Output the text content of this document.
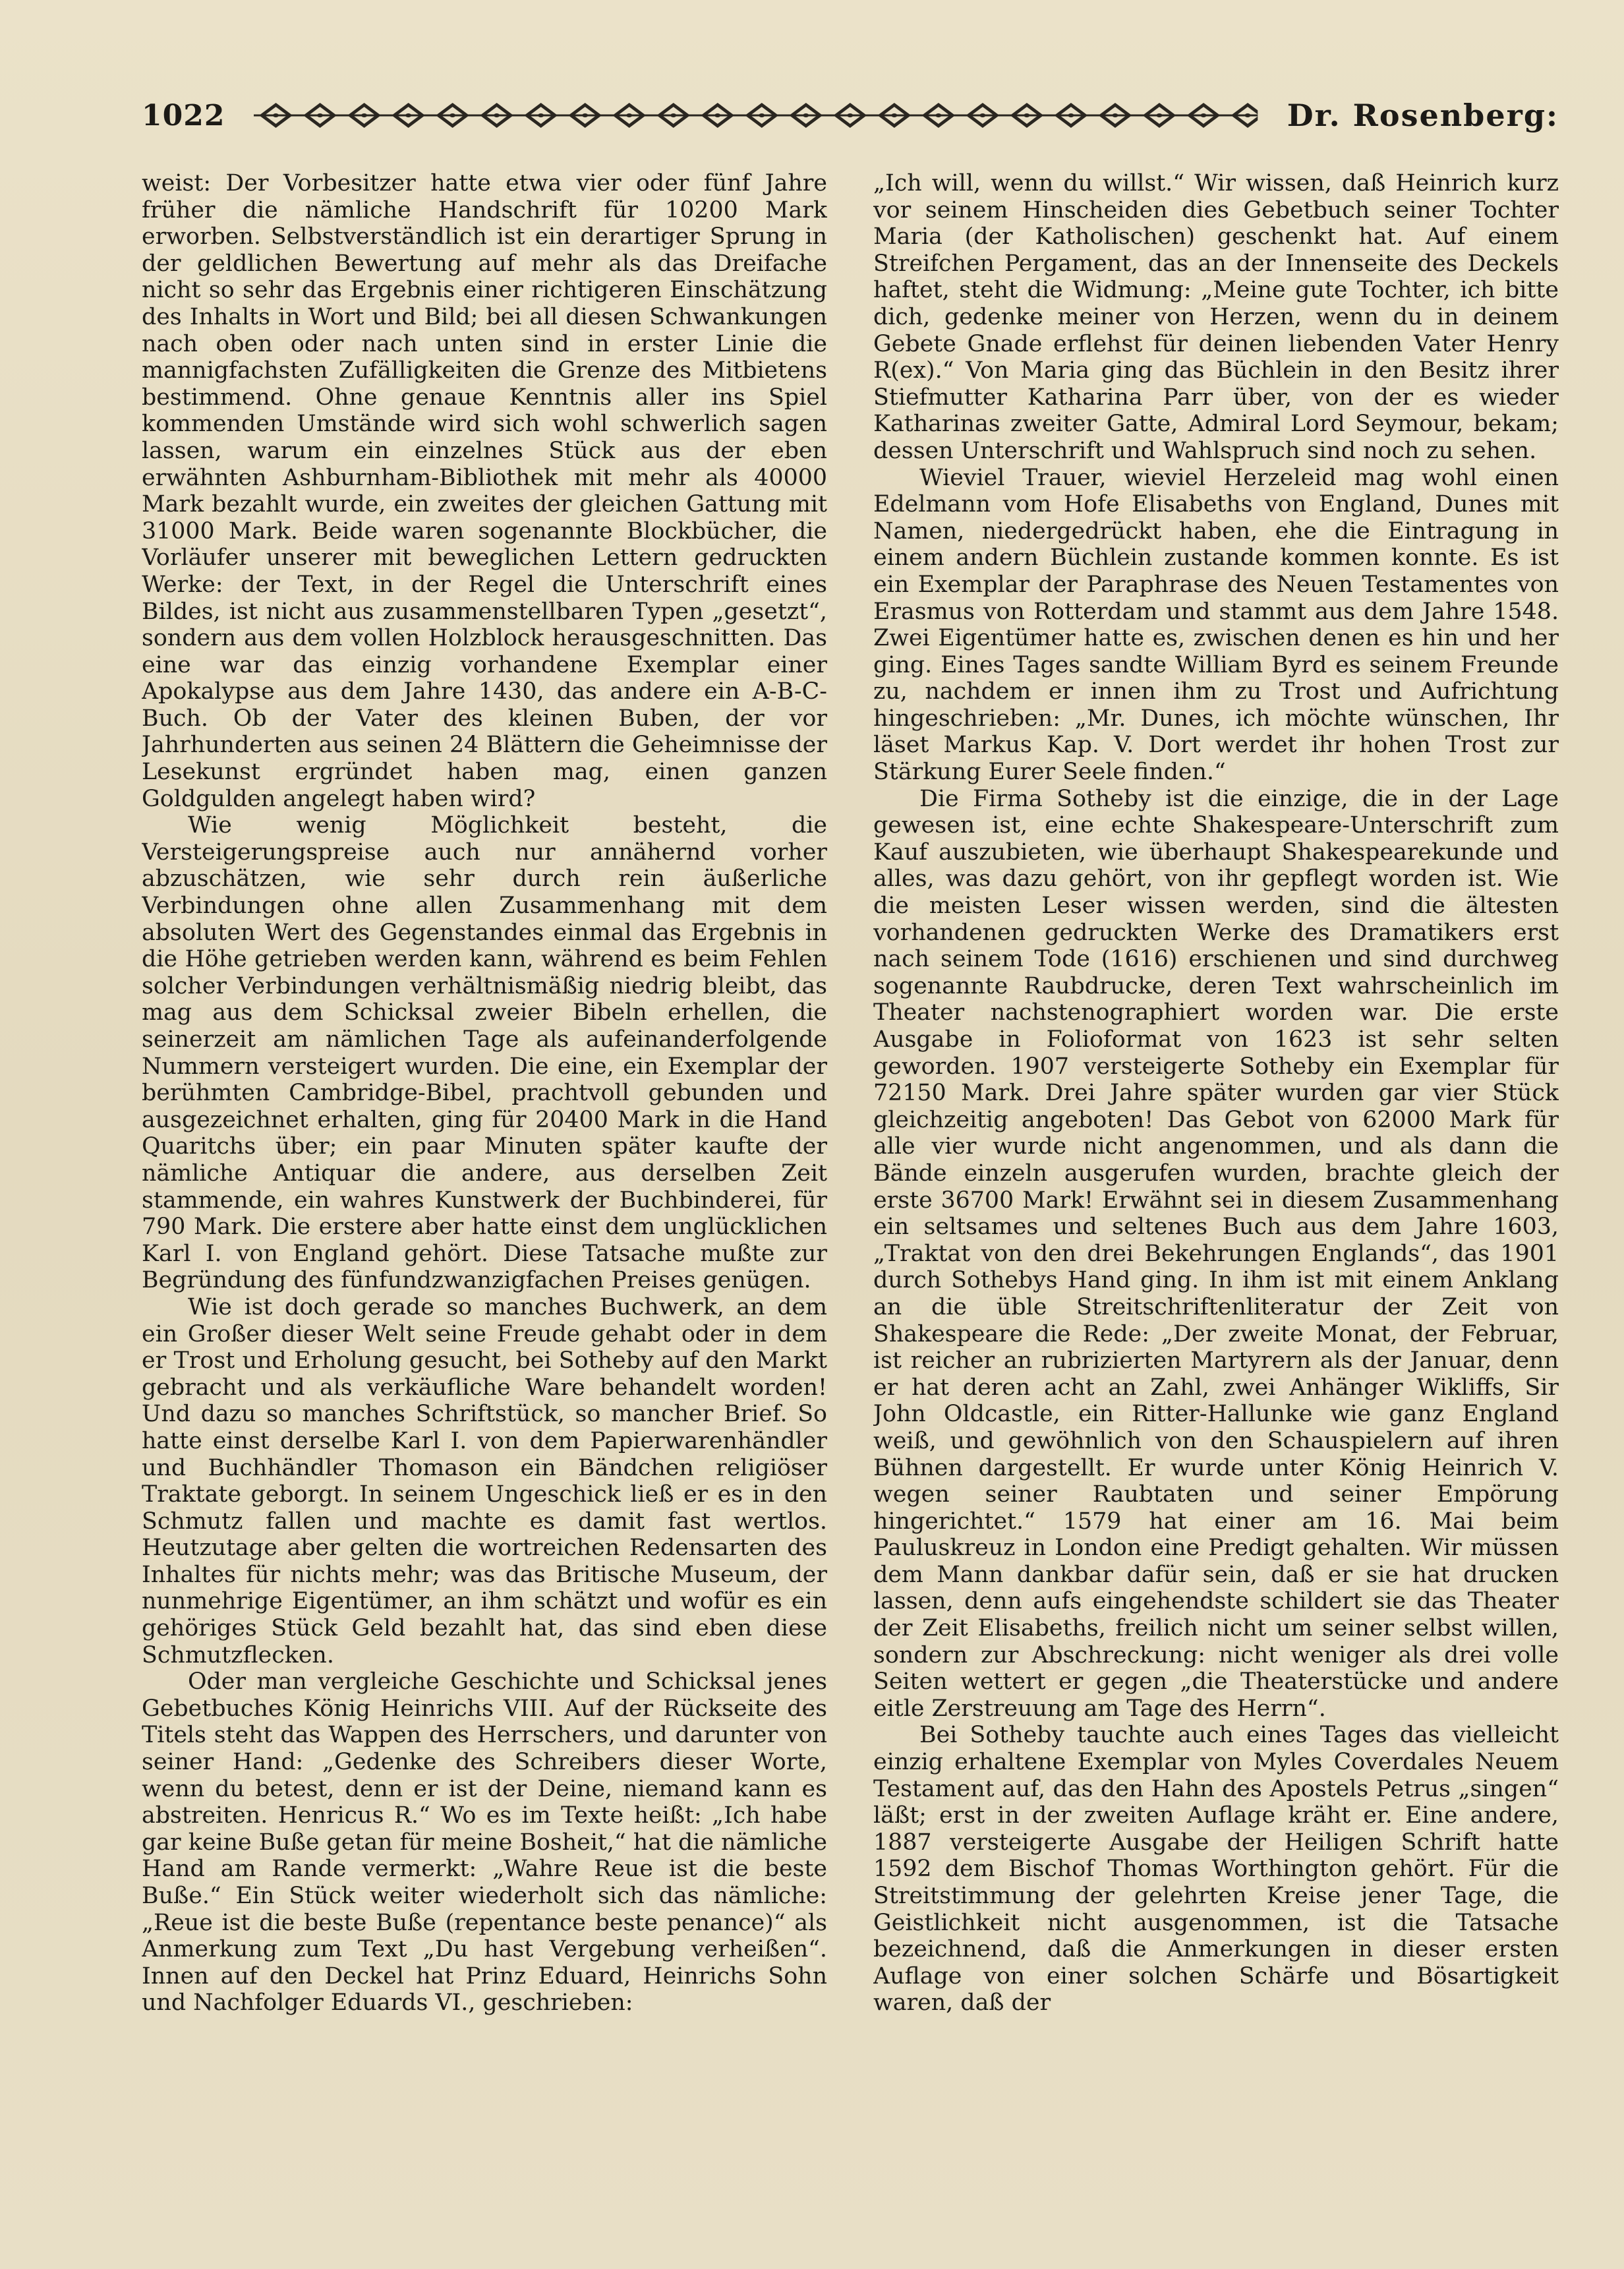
1022	Dr. Rosenberg:

weist: Der Vorbesitzer hatte etwa vier oder fünf Jahre früher die nämliche Handschrift für 10200 Mark erworben. Selbstverständlich ist ein derartiger Sprung in der geldlichen Bewertung auf mehr als das Dreifache nicht so sehr das Ergebnis einer richtigeren Einschätzung des Inhalts in Wort und Bild; bei all diesen Schwankungen nach oben oder nach unten sind in erster Linie die mannigfachsten Zufälligkeiten die Grenze des Mitbietens bestimmend. Ohne genaue Kenntnis aller ins Spiel kommenden Umstände wird sich wohl schwerlich sagen lassen, warum ein einzelnes Stück aus der eben erwähnten Ashburnham-Bibliothek mit mehr als 40000 Mark bezahlt wurde, ein zweites der gleichen Gattung mit 31000 Mark. Beide waren sogenannte Blockbücher, die Vorläufer unserer mit beweglichen Lettern gedruckten Werke: der Text, in der Regel die Unterschrift eines Bildes, ist nicht aus zusammenstellbaren Typen „gesetzt“, sondern aus dem vollen Holzblock herausgeschnitten. Das eine war das einzig vorhandene Exemplar einer Apokalypse aus dem Jahre 1430, das andere ein A-B-C-Buch. Ob der Vater des kleinen Buben, der vor Jahrhunderten aus seinen 24 Blättern die Geheimnisse der Lesekunst ergründet haben mag, einen ganzen Goldgulden angelegt haben wird?

Wie wenig Möglichkeit besteht, die Versteigerungspreise auch nur annähernd vorher abzuschätzen, wie sehr durch rein äußerliche Verbindungen ohne allen Zusammenhang mit dem absoluten Wert des Gegenstandes einmal das Ergebnis in die Höhe getrieben werden kann, während es beim Fehlen solcher Verbindungen verhältnismäßig niedrig bleibt, das mag aus dem Schicksal zweier Bibeln erhellen, die seinerzeit am nämlichen Tage als aufeinanderfolgende Nummern versteigert wurden. Die eine, ein Exemplar der berühmten Cambridge-Bibel, prachtvoll gebunden und ausgezeichnet erhalten, ging für 20400 Mark in die Hand Quaritchs über; ein paar Minuten später kaufte der nämliche Antiquar die andere, aus derselben Zeit stammende, ein wahres Kunstwerk der Buchbinderei, für 790 Mark. Die erstere aber hatte einst dem unglücklichen Karl I. von England gehört. Diese Tatsache mußte zur Begründung des fünfundzwanzigfachen Preises genügen.

Wie ist doch gerade so manches Buchwerk, an dem ein Großer dieser Welt seine Freude gehabt oder in dem er Trost und Erholung gesucht, bei Sotheby auf den Markt gebracht und als verkäufliche Ware behandelt worden! Und dazu so manches Schriftstück, so mancher Brief. So hatte einst derselbe Karl I. von dem Papierwarenhändler und Buchhändler Thomason ein Bändchen religiöser Traktate geborgt. In seinem Ungeschick ließ er es in den Schmutz fallen und machte es damit fast wertlos. Heutzutage aber gelten die wortreichen Redensarten des Inhaltes für nichts mehr; was das Britische Museum, der nunmehrige Eigentümer, an ihm schätzt und wofür es ein gehöriges Stück Geld bezahlt hat, das sind eben diese Schmutzflecken.

Oder man vergleiche Geschichte und Schicksal jenes Gebetbuches König Heinrichs VIII. Auf der Rückseite des Titels steht das Wappen des Herrschers, und darunter von seiner Hand: „Gedenke des Schreibers dieser Worte, wenn du betest, denn er ist der Deine, niemand kann es abstreiten. Henricus R.“ Wo es im Texte heißt: „Ich habe gar keine Buße getan für meine Bosheit,“ hat die nämliche Hand am Rande vermerkt: „Wahre Reue ist die beste Buße.“ Ein Stück weiter wiederholt sich das nämliche: „Reue ist die beste Buße (repentance beste penance)“ als Anmerkung zum Text „Du hast Vergebung verheißen“. Innen auf den Deckel hat Prinz Eduard, Heinrichs Sohn und Nachfolger Eduards VI., geschrieben:

„Ich will, wenn du willst.“ Wir wissen, daß Heinrich kurz vor seinem Hinscheiden dies Gebetbuch seiner Tochter Maria (der Katholischen) geschenkt hat. Auf einem Streifchen Pergament, das an der Innenseite des Deckels haftet, steht die Widmung: „Meine gute Tochter, ich bitte dich, gedenke meiner von Herzen, wenn du in deinem Gebete Gnade erflehst für deinen liebenden Vater Henry R(ex).“ Von Maria ging das Büchlein in den Besitz ihrer Stiefmutter Katharina Parr über, von der es wieder Katharinas zweiter Gatte, Admiral Lord Seymour, bekam; dessen Unterschrift und Wahlspruch sind noch zu sehen.

Wieviel Trauer, wieviel Herzeleid mag wohl einen Edelmann vom Hofe Elisabeths von England, Dunes mit Namen, niedergedrückt haben, ehe die Eintragung in einem andern Büchlein zustande kommen konnte. Es ist ein Exemplar der Paraphrase des Neuen Testamentes von Erasmus von Rotterdam und stammt aus dem Jahre 1548. Zwei Eigentümer hatte es, zwischen denen es hin und her ging. Eines Tages sandte William Byrd es seinem Freunde zu, nachdem er innen ihm zu Trost und Aufrichtung hingeschrieben: „Mr. Dunes, ich möchte wünschen, Ihr läset Markus Kap. V. Dort werdet ihr hohen Trost zur Stärkung Eurer Seele finden.“

Die Firma Sotheby ist die einzige, die in der Lage gewesen ist, eine echte Shakespeare-Unterschrift zum Kauf auszubieten, wie überhaupt Shakespearekunde und alles, was dazu gehört, von ihr gepflegt worden ist. Wie die meisten Leser wissen werden, sind die ältesten vorhandenen gedruckten Werke des Dramatikers erst nach seinem Tode (1616) erschienen und sind durchweg sogenannte Raubdrucke, deren Text wahrscheinlich im Theater nachstenographiert worden war. Die erste Ausgabe in Folioformat von 1623 ist sehr selten geworden. 1907 versteigerte Sotheby ein Exemplar für 72150 Mark. Drei Jahre später wurden gar vier Stück gleichzeitig angeboten! Das Gebot von 62000 Mark für alle vier wurde nicht angenommen, und als dann die Bände einzeln ausgerufen wurden, brachte gleich der erste 36700 Mark! Erwähnt sei in diesem Zusammenhang ein seltsames und seltenes Buch aus dem Jahre 1603, „Traktat von den drei Bekehrungen Englands“, das 1901 durch Sothebys Hand ging. In ihm ist mit einem Anklang an die üble Streitschriftenliteratur der Zeit von Shakespeare die Rede: „Der zweite Monat, der Februar, ist reicher an rubrizierten Martyrern als der Januar, denn er hat deren acht an Zahl, zwei Anhänger Wikliffs, Sir John Oldcastle, ein Ritter-Hallunke wie ganz England weiß, und gewöhnlich von den Schauspielern auf ihren Bühnen dargestellt. Er wurde unter König Heinrich V. wegen seiner Raubtaten und seiner Empörung hingerichtet.“ 1579 hat einer am 16. Mai beim Pauluskreuz in London eine Predigt gehalten. Wir müssen dem Mann dankbar dafür sein, daß er sie hat drucken lassen, denn aufs eingehendste schildert sie das Theater der Zeit Elisabeths, freilich nicht um seiner selbst willen, sondern zur Abschreckung: nicht weniger als drei volle Seiten wettert er gegen „die Theaterstücke und andere eitle Zerstreuung am Tage des Herrn“.

Bei Sotheby tauchte auch eines Tages das vielleicht einzig erhaltene Exemplar von Myles Coverdales Neuem Testament auf, das den Hahn des Apostels Petrus „singen“ läßt; erst in der zweiten Auflage kräht er. Eine andere, 1887 versteigerte Ausgabe der Heiligen Schrift hatte 1592 dem Bischof Thomas Worthington gehört. Für die Streitstimmung der gelehrten Kreise jener Tage, die Geistlichkeit nicht ausgenommen, ist die Tatsache bezeichnend, daß die Anmerkungen in dieser ersten Auflage von einer solchen Schärfe und Bösartigkeit waren, daß der
